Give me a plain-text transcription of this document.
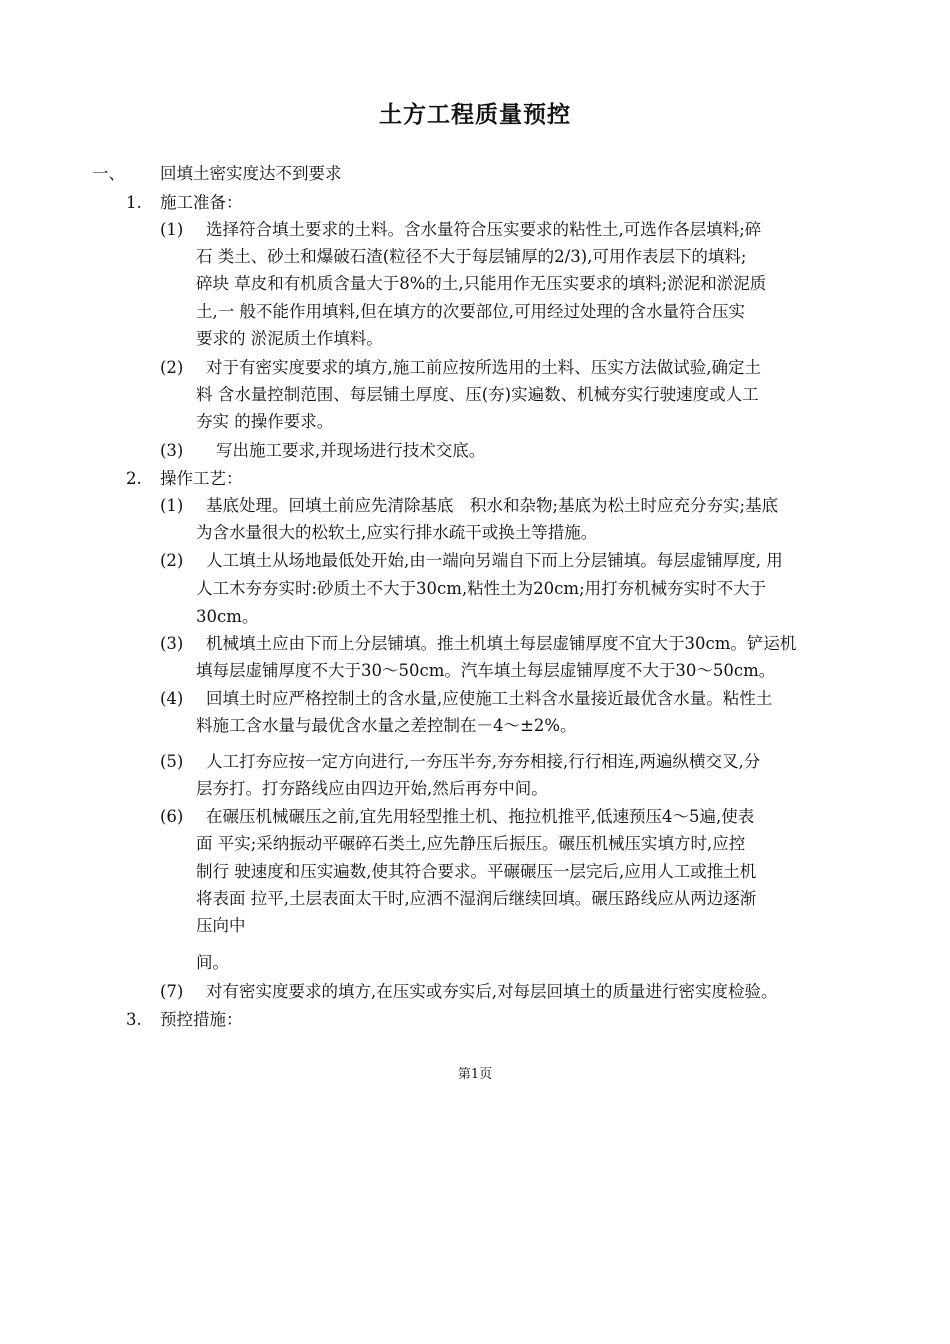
土方工程质量预控
一、 回填土密实度达不到要求
1. 施工准备：
(1) 选择符合填土要求的土料。含水量符合压实要求的粘性土,可选作各层填料;碎
石 类土、砂土和爆破石渣(粒径不大于每层铺厚的2/3),可用作表层下的填料;
碎块 草皮和有机质含量大于8%的土,只能用作无压实要求的填料;淤泥和淤泥质
土,一 般不能作用填料,但在填方的次要部位,可用经过处理的含水量符合压实
要求的 淤泥质土作填料。
(2) 对于有密实度要求的填方,施工前应按所选用的土料、压实方法做试验,确定土
料 含水量控制范围、每层铺土厚度、压(夯)实遍数、机械夯实行驶速度或人工
夯实 的操作要求。
(3) 写出施工要求,并现场进行技术交底。
2. 操作工艺：
(1) 基底处理。回填土前应先清除基底　积水和杂物;基底为松土时应充分夯实;基底
为含水量很大的松软土,应实行排水疏干或换土等措施。
(2) 人工填土从场地最低处开始,由一端向另端自下而上分层铺填。每层虚铺厚度, 用
人工木夯夯实时:砂质土不大于30cm,粘性土为20cm;用打夯机械夯实时不大于
30cm。
(3) 机械填土应由下而上分层铺填。推土机填土每层虚铺厚度不宜大于30cm。铲运机
填每层虚铺厚度不大于30～50cm。汽车填土每层虚铺厚度不大于30～50cm。
(4) 回填土时应严格控制土的含水量,应使施工土料含水量接近最优含水量。粘性土
料施工含水量与最优含水量之差控制在－4～±2%。
(5) 人工打夯应按一定方向进行,一夯压半夯,夯夯相接,行行相连,两遍纵横交叉,分
层夯打。打夯路线应由四边开始,然后再夯中间。
(6) 在碾压机械碾压之前,宜先用轻型推土机、拖拉机推平,低速预压4～5遍,使表
面 平实;采纳振动平碾碎石类土,应先静压后振压。碾压机械压实填方时,应控
制行 驶速度和压实遍数,使其符合要求。平碾碾压一层完后,应用人工或推土机
将表面 拉平,土层表面太干时,应洒不湿润后继续回填。碾压路线应从两边逐渐
压向中
间。
(7) 对有密实度要求的填方,在压实或夯实后,对每层回填土的质量进行密实度检验。
3. 预控措施：
第1页
